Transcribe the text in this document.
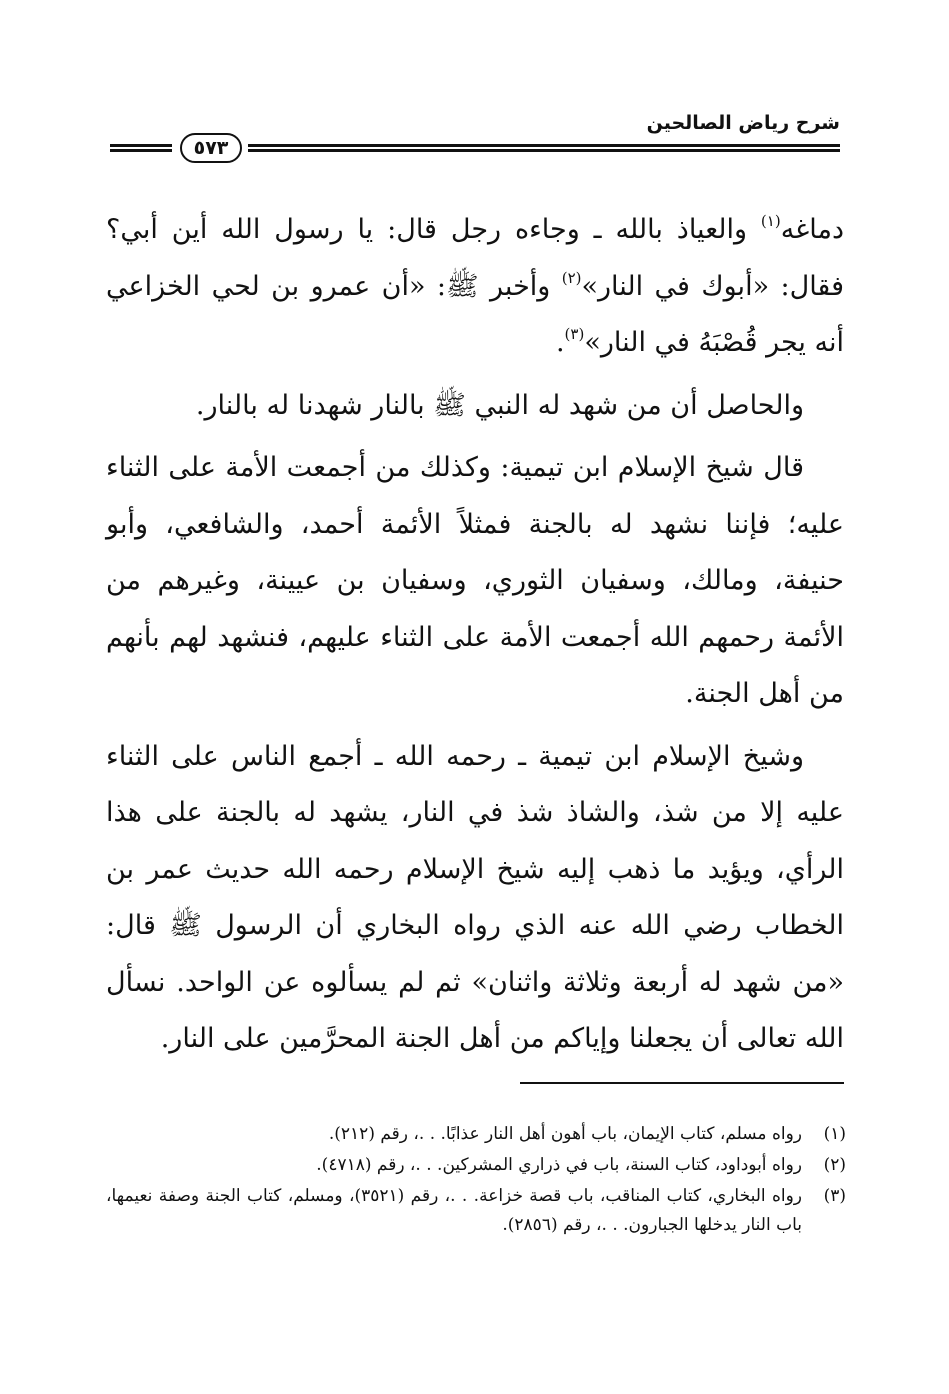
شرح رياض الصالحين
٥٧٣

دماغه$^{(١)}$ والعياذ بالله ـ وجاءه رجل قال: يا رسول الله أين أبي؟ فقال: «أبوك في النار»$^{(٢)}$ وأخبر ﷺ: «أن عمرو بن لحي الخزاعي أنه يجر قُصْبَهُ في النار»$^{(٣)}$.

والحاصل أن من شهد له النبي ﷺ بالنار شهدنا له بالنار.

قال شيخ الإسلام ابن تيمية: وكذلك من أجمعت الأمة على الثناء عليه؛ فإننا نشهد له بالجنة فمثلاً الأئمة أحمد، والشافعي، وأبو حنيفة، ومالك، وسفيان الثوري، وسفيان بن عيينة، وغيرهم من الأئمة رحمهم الله أجمعت الأمة على الثناء عليهم، فنشهد لهم بأنهم من أهل الجنة.

وشيخ الإسلام ابن تيمية ـ رحمه الله ـ أجمع الناس على الثناء عليه إلا من شذ، والشاذ شذ في النار، يشهد له بالجنة على هذا الرأي، ويؤيد ما ذهب إليه شيخ الإسلام رحمه الله حديث عمر بن الخطاب رضي الله عنه الذي رواه البخاري أن الرسول ﷺ قال: «من شهد له أربعة وثلاثة واثنان» ثم لم يسألوه عن الواحد. نسأل الله تعالى أن يجعلنا وإياكم من أهل الجنة المحرَّمين على النار.

(١)
رواه مسلم، كتاب الإيمان، باب أهون أهل النار عذابًا. . .، رقم (٢١٢).
(٢)
رواه أبوداود، كتاب السنة، باب في ذراري المشركين. . .، رقم (٤٧١٨).
(٣)
رواه البخاري، كتاب المناقب، باب قصة خزاعة. . .، رقم (٣٥٢١)، ومسلم، كتاب الجنة وصفة نعيمها، باب النار يدخلها الجبارون. . .، رقم (٢٨٥٦).
